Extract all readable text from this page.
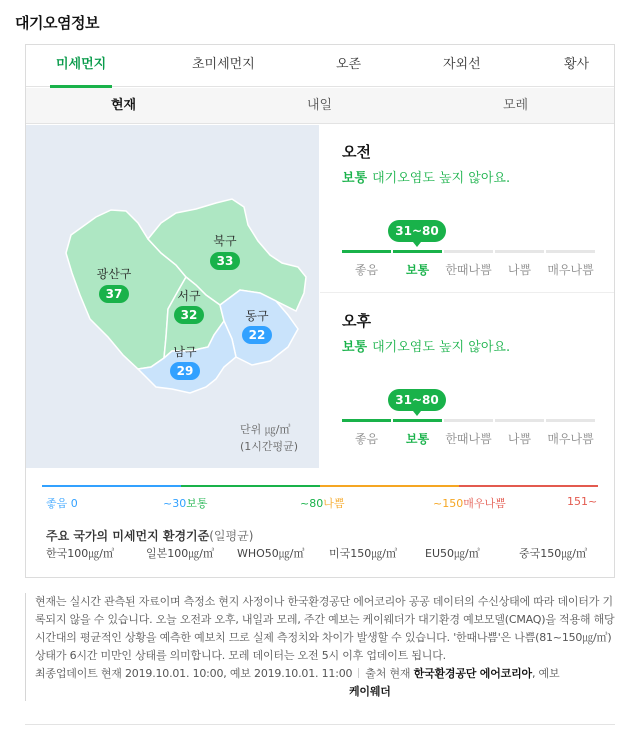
대기오염정보
미세먼지	초미세먼지	오존	자외선	황사
현재	내일	모레
광산구
북구
서구
동구
남구
37
33
32
22
29
단위 ㎍/㎥
(1시간평균)
오전
보통 대기오염도 높지 않아요.
31~80
좋음	보통	한때나쁨	나쁨	매우나쁨
오후
보통 대기오염도 높지 않아요.
31~80
좋음	보통	한때나쁨	나쁨	매우나쁨
좋음 0	~30보통	~80나쁨	~150매우나쁨	151~
주요 국가의 미세먼지 환경기준(일평균)
한국100㎍/㎥	일본100㎍/㎥ WHO50㎍/㎥ 미국150㎍/㎥	EU50㎍/㎥	중국150㎍/㎥

현재는 실시간 관측된 자료이며 측정소 현지 사정이나 한국환경공단 에어코리아 공공 데이터의 수신상태에 따라 데이터가 기록되지 않을 수 있습니다. 오늘 오전과 오후, 내일과 모레, 주간 예보는 케이웨더가 대기환경 예보모델(CMAQ)을 적용해 해당 시간대의 평균적인 상황을 예측한 예보치 므로 실제 측정치와 차이가 발생할 수 있습니다. '한때나쁨'은 나쁨(81~150㎍/㎥)상태가 6시간 미만인 상태를 의미합니다. 모레 데이터는 오전 5시 이후 업데이트 됩니다.

최종업데이트 현재 2019.10.01. 10:00, 예보 2019.10.01. 11:00 출처 현재 한국환경공단 에어코리아, 예보

케이웨더
